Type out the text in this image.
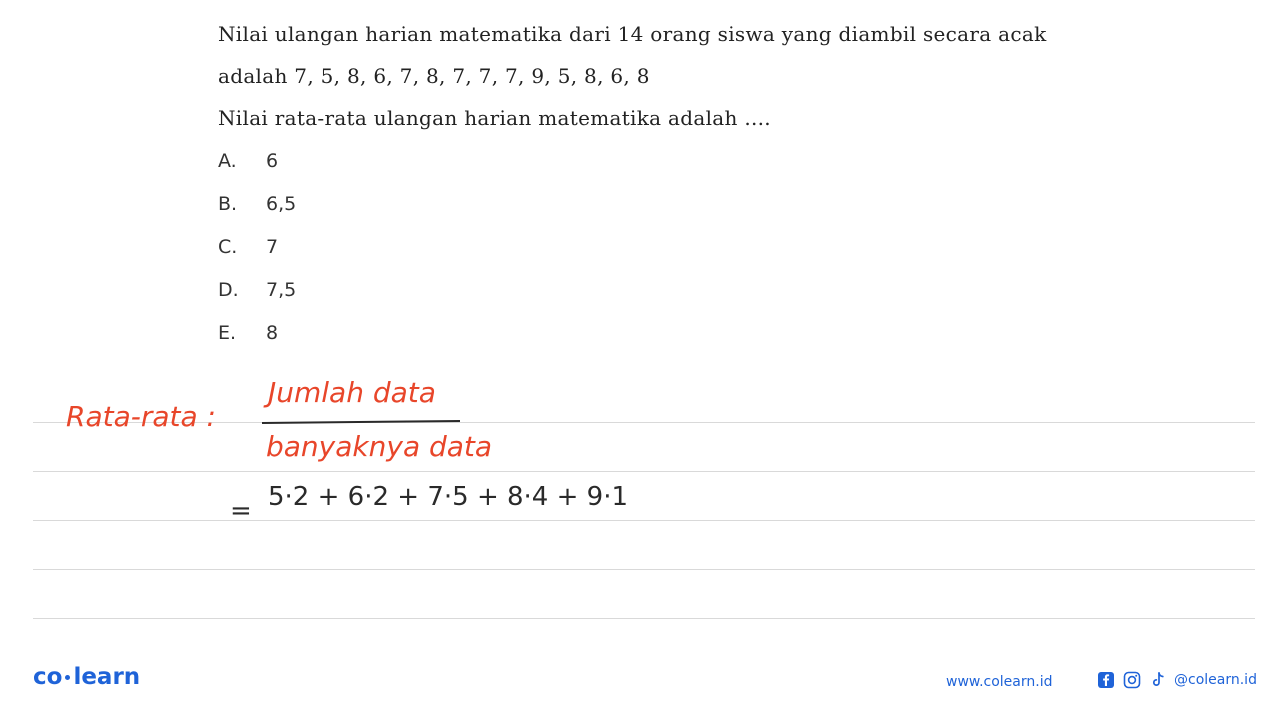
Nilai ulangan harian matematika dari 14 orang siswa yang diambil secara acak
adalah 7, 5, 8, 6, 7, 8, 7, 7, 7, 9, 5, 8, 6, 8
Nilai rata-rata ulangan harian matematika adalah ....
A. 6
B. 6,5
C. 7
D. 7,5
E. 8
Rata-rata :
Jumlah data
banyaknya data
= 5·2 + 6·2 + 7·5 + 8·4 + 9·1
co learn	www.colearn.id	@colearn.id
